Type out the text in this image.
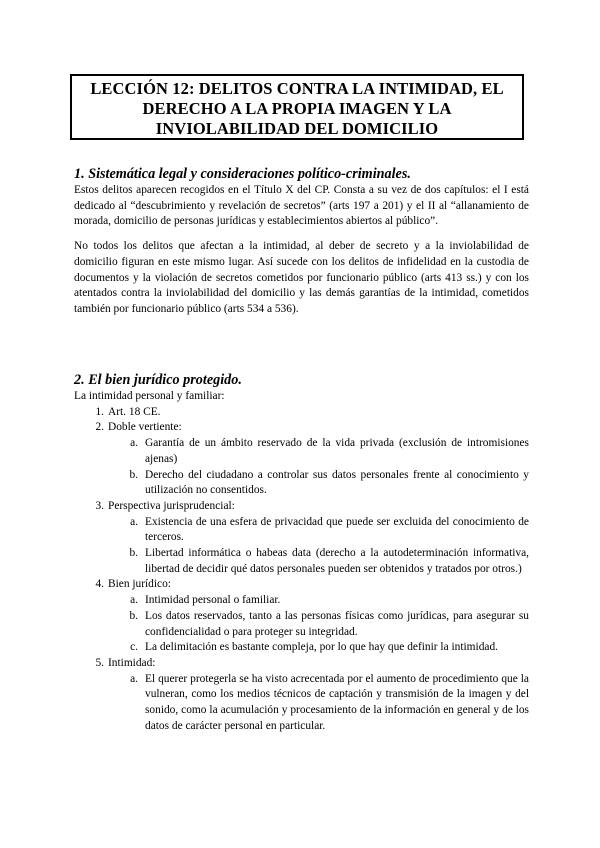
LECCIÓN 12: DELITOS CONTRA LA INTIMIDAD, EL
DERECHO A LA PROPIA IMAGEN Y LA
INVIOLABILIDAD DEL DOMICILIO
1. Sistemática legal y consideraciones político-criminales.

Estos delitos aparecen recogidos en el Título X del CP. Consta a su vez de dos capítulos: el I está dedicado al “descubrimiento y revelación de secretos” (arts 197 a 201) y el II al “allanamiento de morada, domicilio de personas jurídicas y establecimientos abiertos al público”.

No todos los delitos que afectan a la intimidad, al deber de secreto y a la inviolabilidad de domicilio figuran en este mismo lugar. Así sucede con los delitos de infidelidad en la custodia de documentos y la violación de secretos cometidos por funcionario público (arts 413 ss.) y con los atentados contra la inviolabilidad del domicilio y las demás garantías de la intimidad, cometidos también por funcionario público (arts 534 a 536).

2. El bien jurídico protegido.

La intimidad personal y familiar:

1. Art. 18 CE.
2. Doble vertiente:
a. Garantía de un ámbito reservado de la vida privada (exclusión de intromisiones ajenas)
b. Derecho del ciudadano a controlar sus datos personales frente al conocimiento y utilización no consentidos.
3. Perspectiva jurisprudencial:
a. Existencia de una esfera de privacidad que puede ser excluida del conocimiento de terceros.
b. Libertad informática o habeas data (derecho a la autodeterminación informativa, libertad de decidir qué datos personales pueden ser obtenidos y tratados por otros.)
4. Bien jurídico:
a. Intimidad personal o familiar.
b. Los datos reservados, tanto a las personas físicas como jurídicas, para asegurar su confidencialidad o para proteger su integridad.
c. La delimitación es bastante compleja, por lo que hay que definir la intimidad.
5. Intimidad:
a. El querer protegerla se ha visto acrecentada por el aumento de procedimiento que la vulneran, como los medios técnicos de captación y transmisión de la imagen y del sonido, como la acumulación y procesamiento de la información en general y de los datos de carácter personal en particular.
